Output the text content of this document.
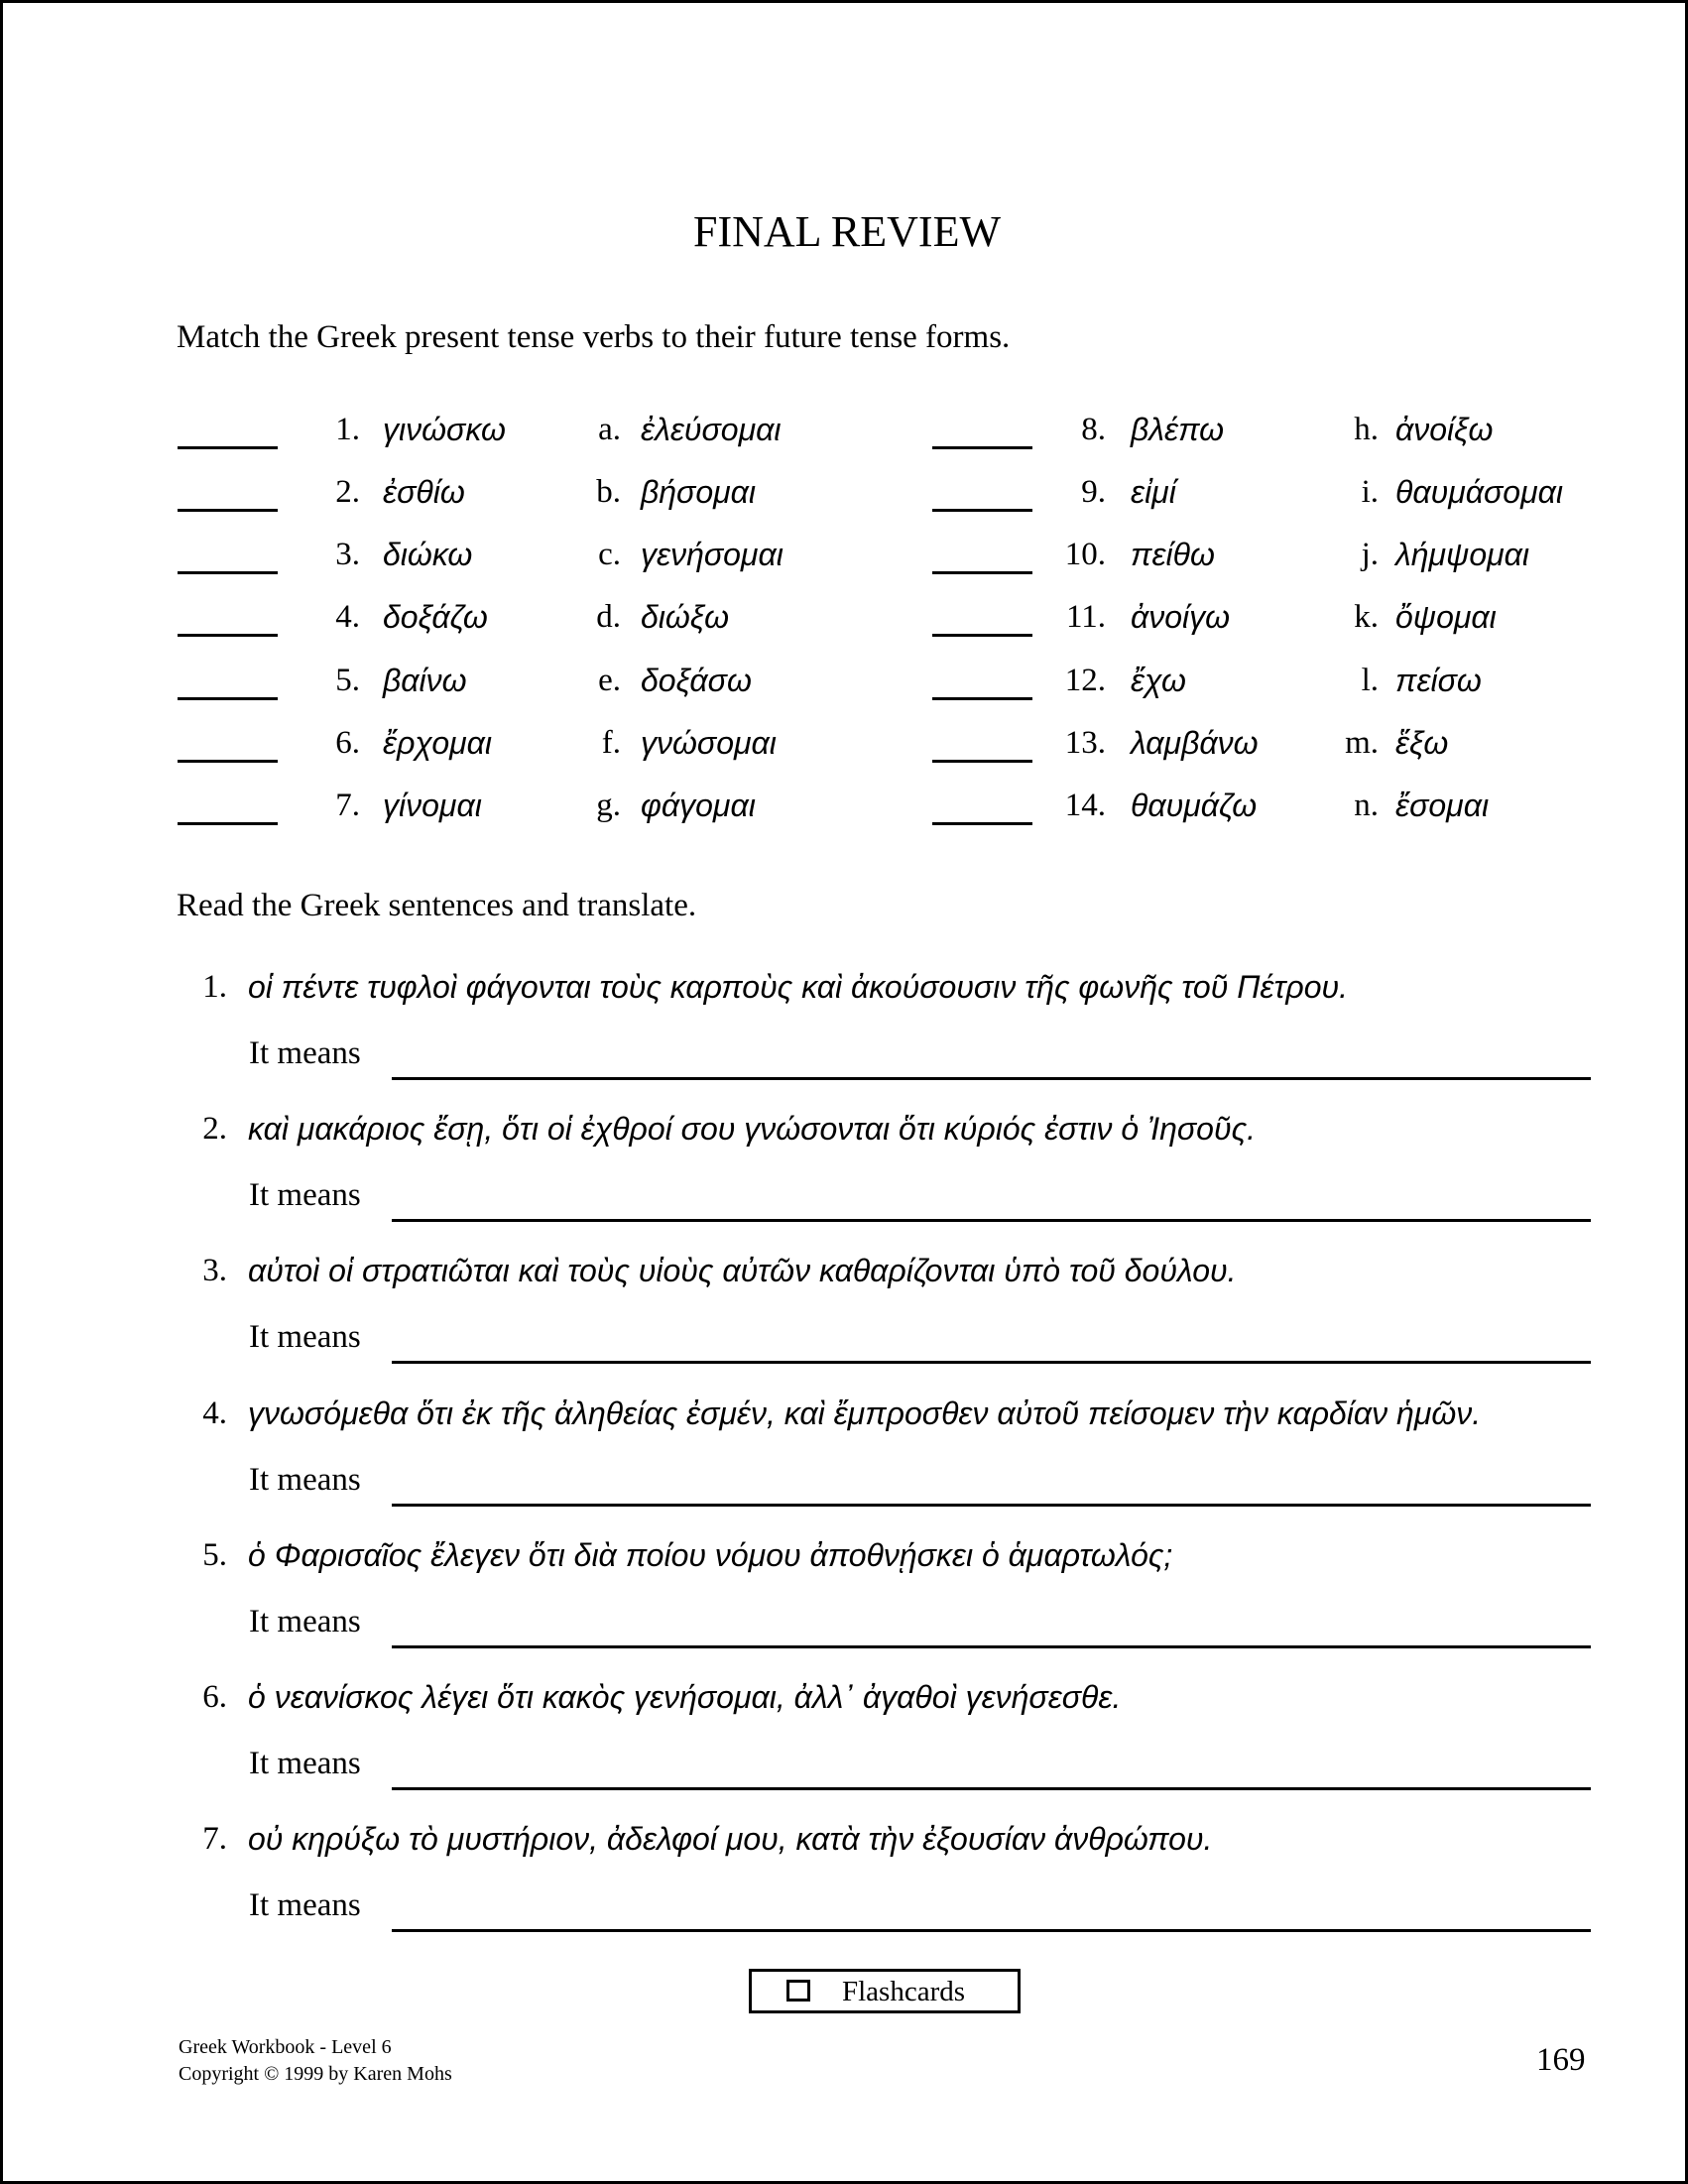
FINAL REVIEW
Match the Greek present tense verbs to their future tense forms.
1. γινώσκω	a. ἐλεύσομαι
2. ἐσθίω	b. βήσομαι
3. διώκω	c. γενήσομαι
4. δοξάζω	d. διώξω
5. βαίνω	e. δοξάσω
6. ἔρχομαι	f. γνώσομαι
7. γίνομαι	g. φάγομαι
8. βλέπω	h. ἀνοίξω
9. εἰμί	i. θαυμάσομαι
10. πείθω	j. λήμψομαι
11. ἀνοίγω	k. ὄψομαι
12. ἔχω	l. πείσω
13. λαμβάνω	m. ἕξω
14. θαυμάζω	n. ἔσομαι
Read the Greek sentences and translate.
1. οἱ πέντε τυφλοὶ φάγονται τοὺς καρποὺς καὶ ἀκούσουσιν τῆς φωνῆς τοῦ Πέτρου.
It means
2. καὶ μακάριος ἔσῃ, ὅτι οἱ ἐχθροί σου γνώσονται ὅτι κύριός ἐστιν ὁ Ἰησοῦς.
It means
3. αὐτοὶ οἱ στρατιῶται καὶ τοὺς υἱοὺς αὐτῶν καθαρίζονται ὑπὸ τοῦ δούλου.
It means
4. γνωσόμεθα ὅτι ἐκ τῆς ἀληθείας ἐσμέν, καὶ ἔμπροσθεν αὐτοῦ πείσομεν τὴν καρδίαν ἡμῶν.
It means
5. ὁ Φαρισαῖος ἔλεγεν ὅτι διὰ ποίου νόμου ἀποθνῄσκει ὁ ἁμαρτωλός;
It means
6. ὁ νεανίσκος λέγει ὅτι κακὸς γενήσομαι, ἀλλ᾽ ἀγαθοὶ γενήσεσθε.
It means
7. οὐ κηρύξω τὸ μυστήριον, ἀδελφοί μου, κατὰ τὴν ἐξουσίαν ἀνθρώπου.
It means
Flashcards
Greek Workbook - Level 6
Copyright © 1999 by Karen Mohs	169
